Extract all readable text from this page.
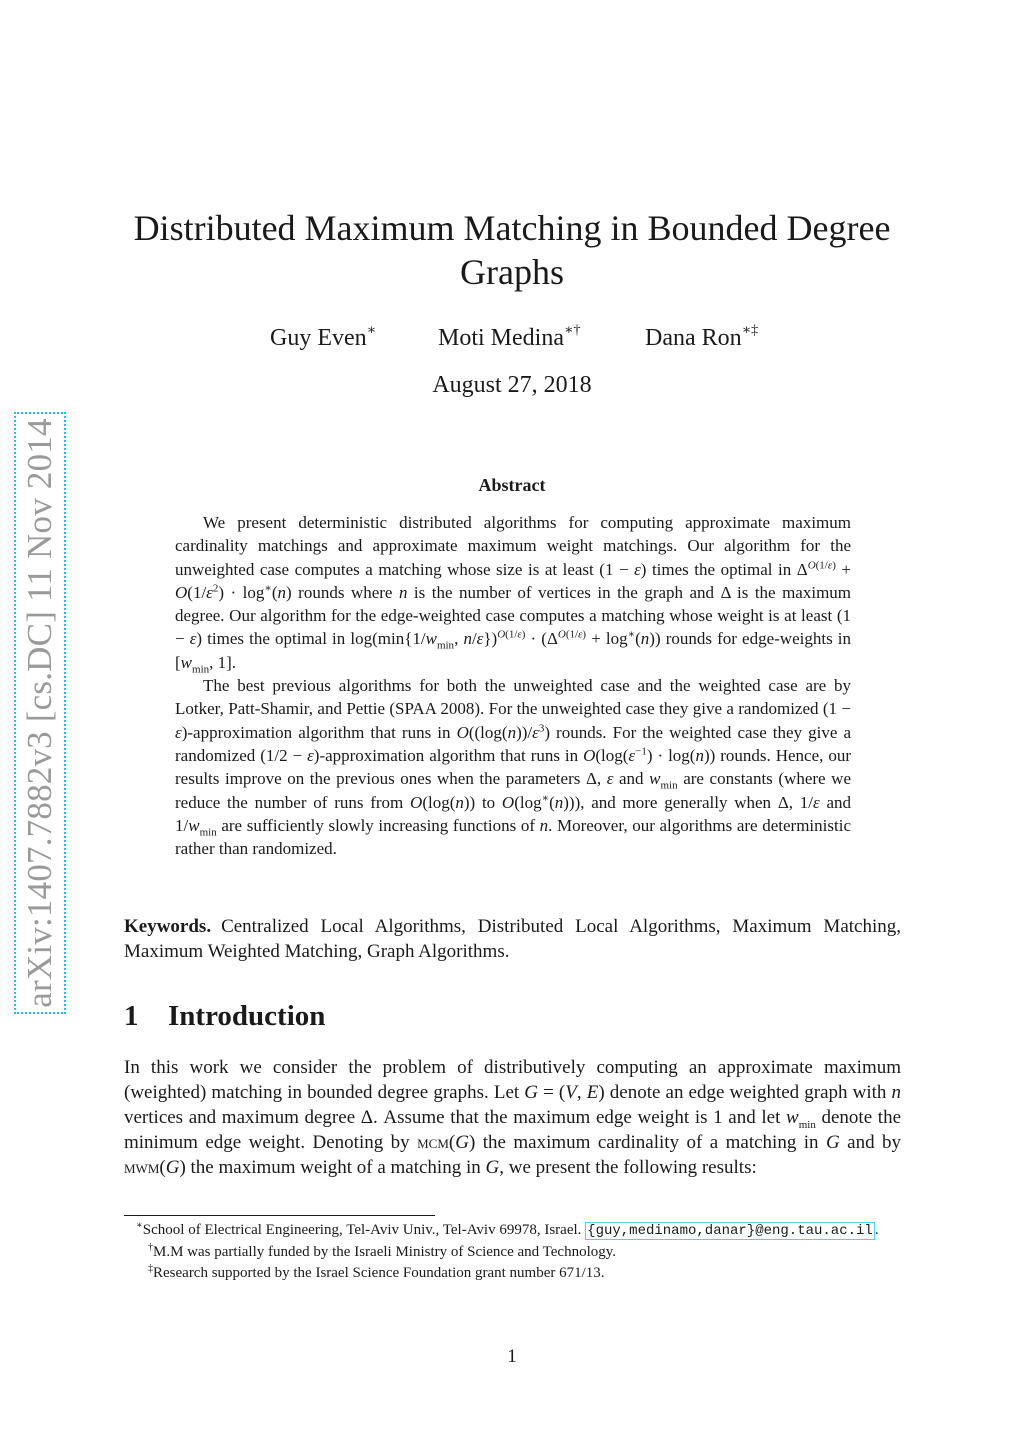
Distributed Maximum Matching in Bounded Degree Graphs
Guy Even∗	Moti Medina∗†	Dana Ron∗‡
August 27, 2018
arXiv:1407.7882v3 [cs.DC] 11 Nov 2014	Abstract

We present deterministic distributed algorithms for computing approximate maximum cardinality matchings and approximate maximum weight matchings. Our algorithm for the unweighted case computes a matching whose size is at least (1 − ε) times the optimal in $\Delta^{O(1/\varepsilon)} + O(1/\varepsilon^2) \cdot \log^∗(n)$ rounds where n is the number of vertices in the graph and Δ is the maximum degree. Our algorithm for the edge-weighted case computes a matching whose weight is at least (1 − ε) times the optimal in $\log(\min\{1/w_{min}$, $n/\varepsilon\})^{O(1/\varepsilon)} \cdot (\Delta^{O(1/\varepsilon)} + \log^∗(n))$ rounds for edge-weights in [$w_{min}$, 1].

The best previous algorithms for both the unweighted case and the weighted case are by Lotker, Patt-Shamir, and Pettie (SPAA 2008). For the unweighted case they give a randomized (1 − ε)-approximation algorithm that runs in $O((\log(n))/\varepsilon^3)$ rounds. For the weighted case they give a randomized (1/2 − ε)-approximation algorithm that runs in $O(\log(\varepsilon^{-1}) \cdot \log(n))$ rounds. Hence, our results improve on the previous ones when the parameters Δ, ε and $w_{min}$ are constants (where we reduce the number of runs from O(log(n)) to O(log∗(n))), and more generally when Δ, 1/ε and $1/w_{min}$ are sufficiently slowly increasing functions of n. Moreover, our algorithms are deterministic rather than randomized.

Keywords. Centralized Local Algorithms, Distributed Local Algorithms, Maximum Matching, Maximum Weighted Matching, Graph Algorithms.
1 Introduction
In this work we consider the problem of distributively computing an approximate maximum (weighted) matching in bounded degree graphs. Let G = (V, E) denote an edge weighted graph with n vertices and maximum degree Δ. Assume that the maximum edge weight is 1 and let $w_{min}$ denote the minimum edge weight. Denoting by mcm(G) the maximum cardinality of a matching in G and by mwm(G) the maximum weight of a matching in G, we present the following results:

∗School of Electrical Engineering, Tel-Aviv Univ., Tel-Aviv 69978, Israel. {guy,medinamo,danar}@eng.tau.ac.il .

†M.M was partially funded by the Israeli Ministry of Science and Technology.

‡Research supported by the Israel Science Foundation grant number 671/13.

1
